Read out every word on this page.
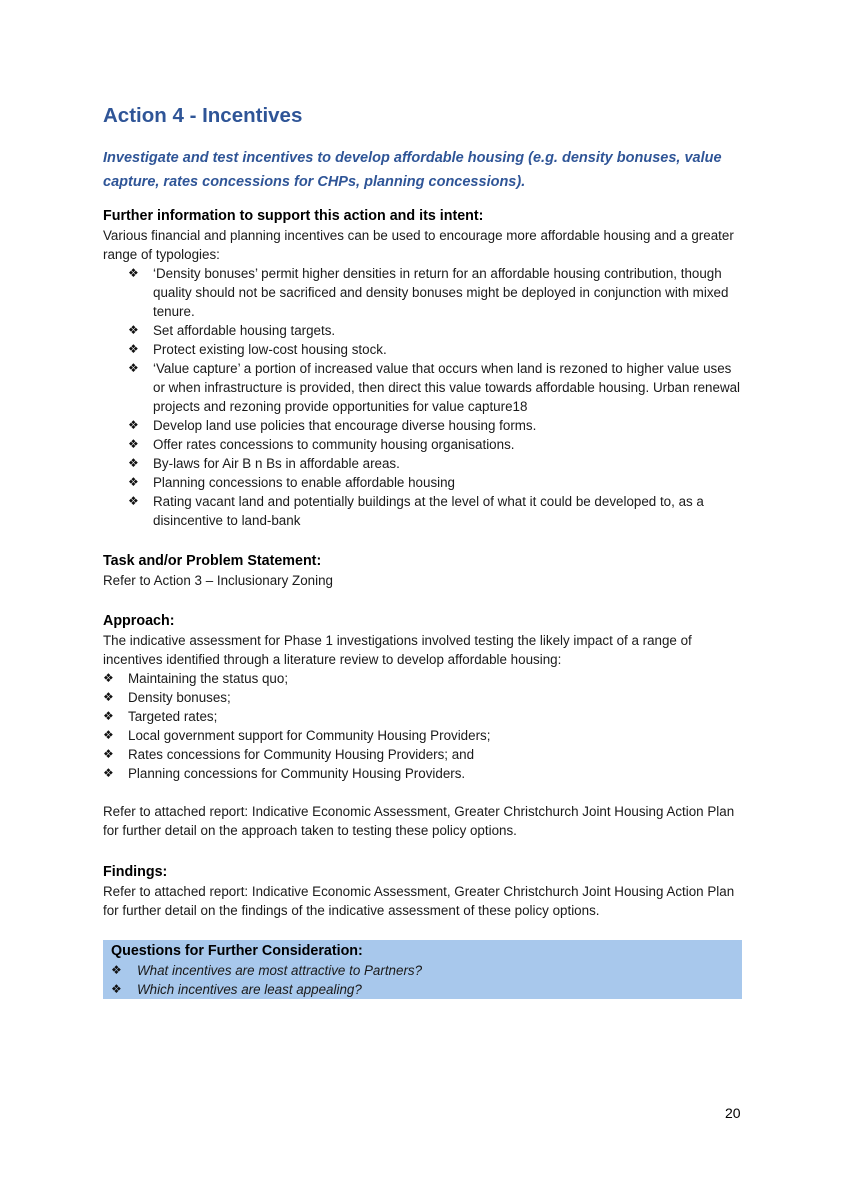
Action 4 - Incentives
Investigate and test incentives to develop affordable housing (e.g. density bonuses, value capture, rates concessions for CHPs, planning concessions).
Further information to support this action and its intent:

Various financial and planning incentives can be used to encourage more affordable housing and a greater range of typologies:

❖ ‘Density bonuses’ permit higher densities in return for an affordable housing contribution, though quality should not be sacrificed and density bonuses might be deployed in conjunction with mixed tenure.
❖ Set affordable housing targets.
❖ Protect existing low-cost housing stock.
❖ ‘Value capture’ a portion of increased value that occurs when land is rezoned to higher value uses or when infrastructure is provided, then direct this value towards affordable housing. Urban renewal projects and rezoning provide opportunities for value capture18
❖ Develop land use policies that encourage diverse housing forms.
❖ Offer rates concessions to community housing organisations.
❖ By-laws for Air B n Bs in affordable areas.
❖ Planning concessions to enable affordable housing
❖ Rating vacant land and potentially buildings at the level of what it could be developed to, as a disincentive to land-bank
Task and/or Problem Statement:

Refer to Action 3 – Inclusionary Zoning

Approach:

The indicative assessment for Phase 1 investigations involved testing the likely impact of a range of incentives identified through a literature review to develop affordable housing:

❖ Maintaining the status quo;
❖ Density bonuses;
❖ Targeted rates;
❖ Local government support for Community Housing Providers;
❖ Rates concessions for Community Housing Providers; and
❖ Planning concessions for Community Housing Providers.

Refer to attached report: Indicative Economic Assessment, Greater Christchurch Joint Housing Action Plan for further detail on the approach taken to testing these policy options.

Findings:

Refer to attached report: Indicative Economic Assessment, Greater Christchurch Joint Housing Action Plan for further detail on the findings of the indicative assessment of these policy options.

Questions for Further Consideration:
❖ What incentives are most attractive to Partners?
❖ Which incentives are least appealing?
20
